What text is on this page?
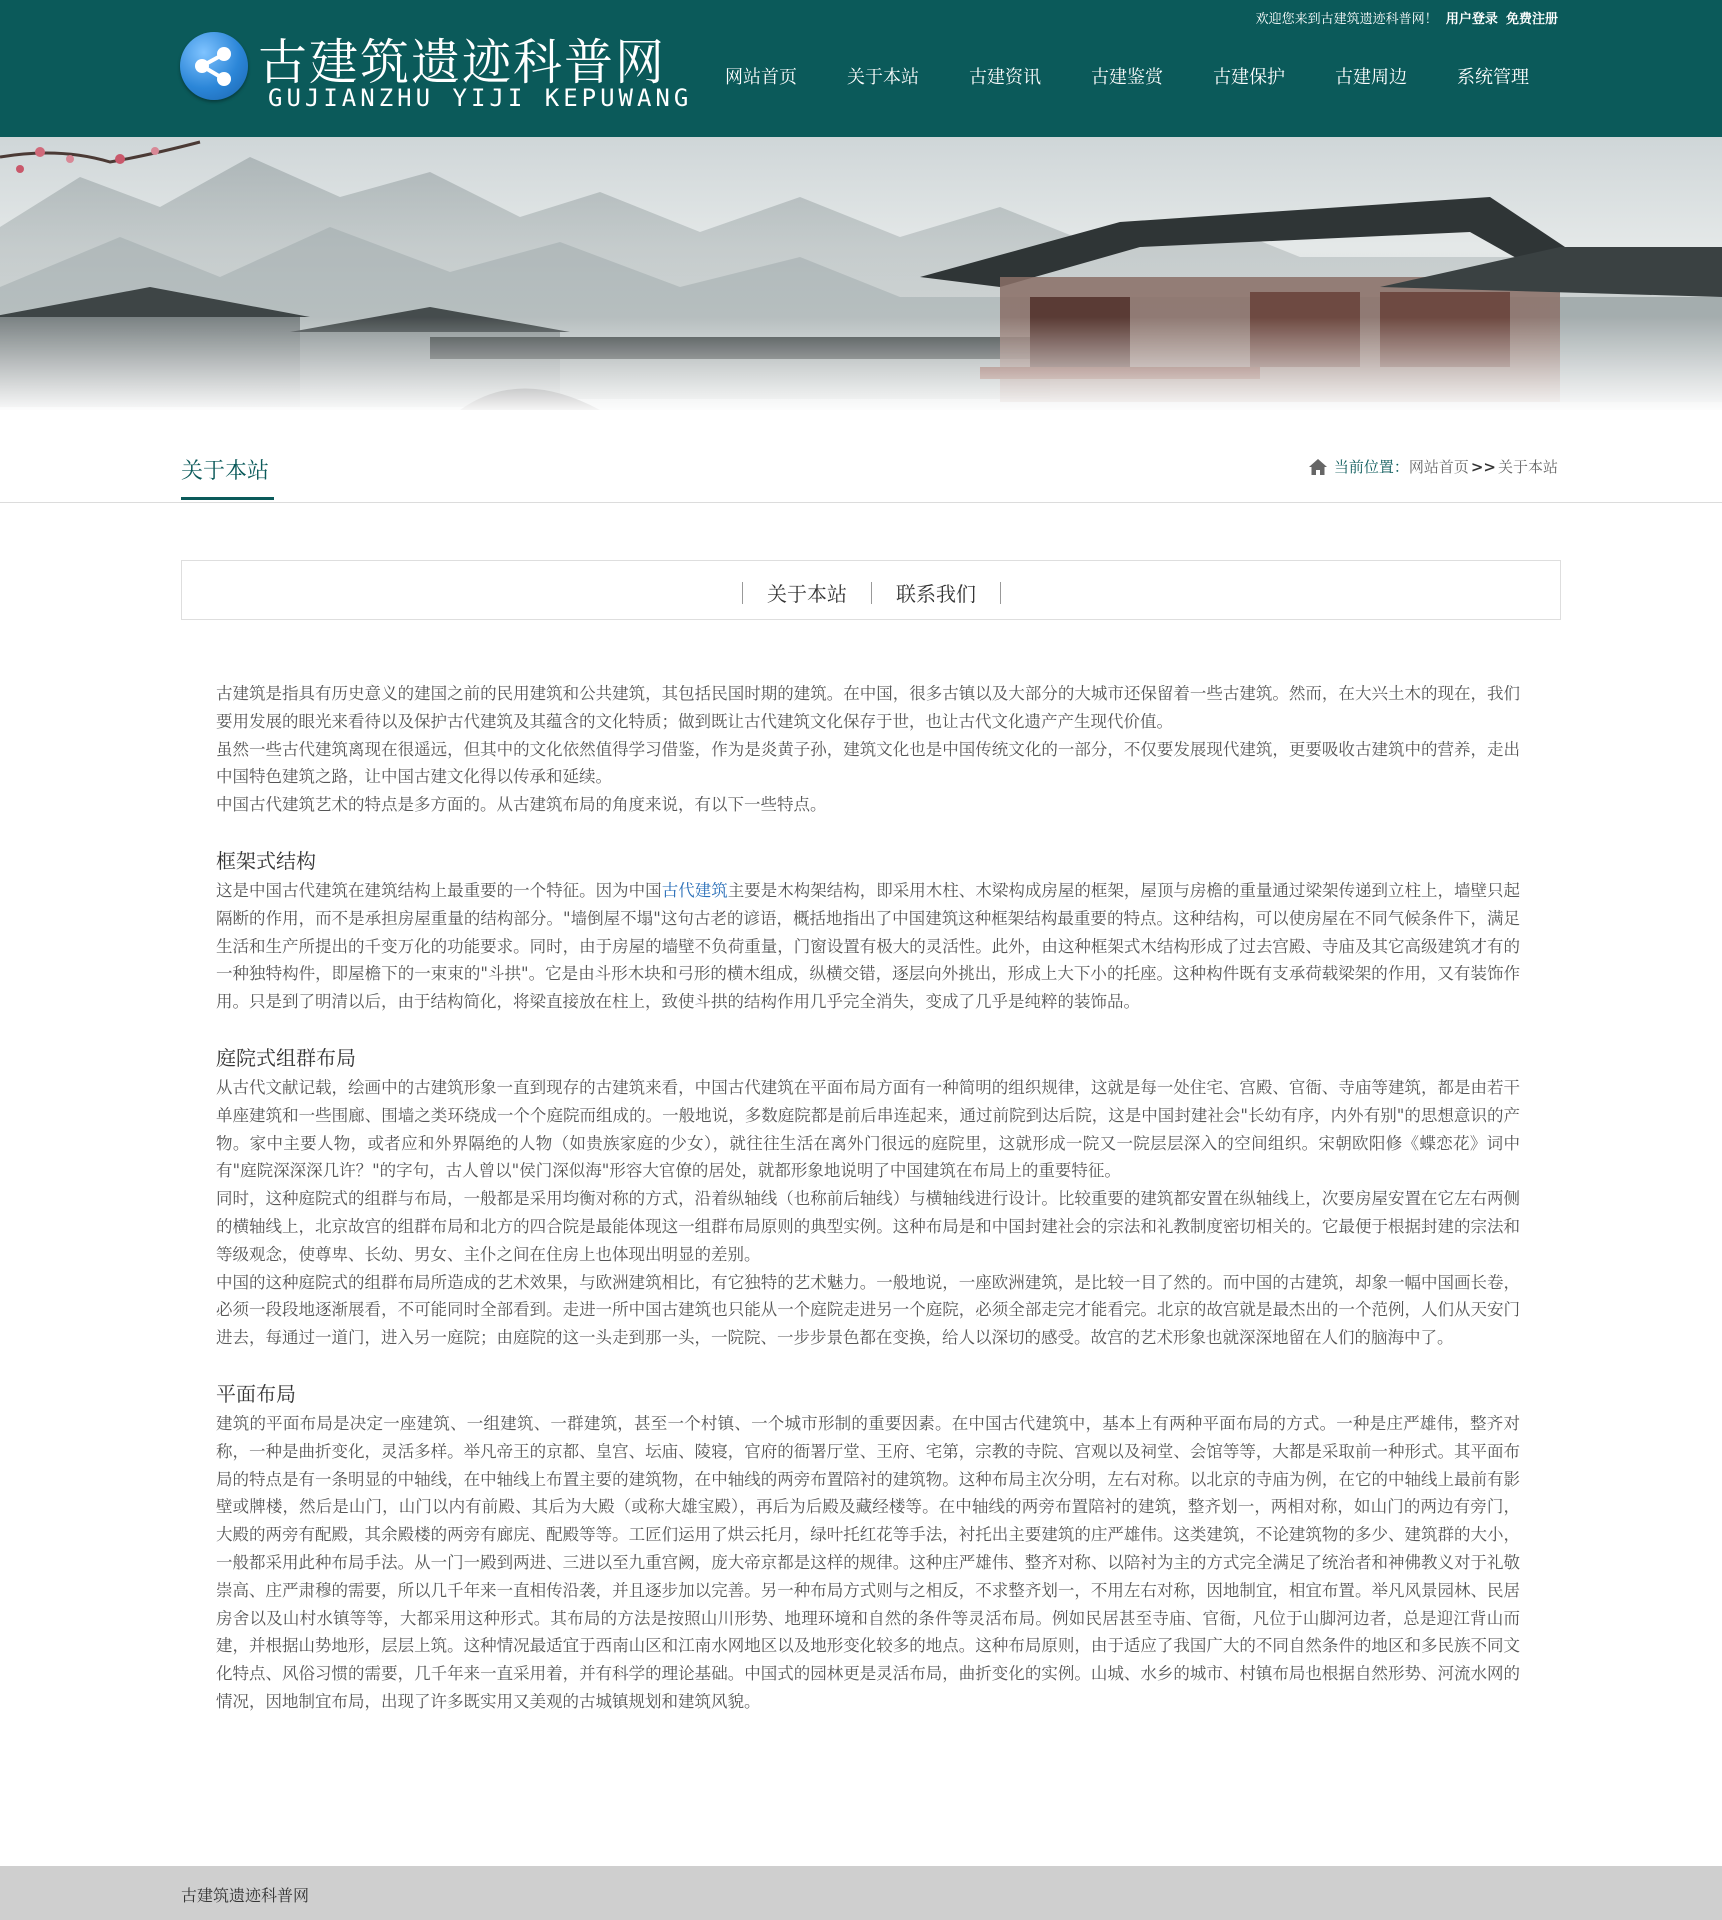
古建筑遗迹科普网
GUJIANZHU YIJI KEPUWANG
欢迎您来到古建筑遗迹科普网！ 用户登录 免费注册
网站首页	关于本站	古建资讯	古建鉴赏	古建保护	古建周边	系统管理
关于本站	当前位置： 网站首页 >> 关于本站
关于本站	联系我们

古建筑是指具有历史意义的建国之前的民用建筑和公共建筑，其包括民国时期的建筑。在中国，很多古镇以及大部分的大城市还保留着一些古建筑。然而，在大兴土木的现在，我们要用发展的眼光来看待以及保护古代建筑及其蕴含的文化特质；做到既让古代建筑文化保存于世，也让古代文化遗产产生现代价值。

虽然一些古代建筑离现在很遥远，但其中的文化依然值得学习借鉴，作为是炎黄子孙，建筑文化也是中国传统文化的一部分，不仅要发展现代建筑，更要吸收古建筑中的营养，走出中国特色建筑之路，让中国古建文化得以传承和延续。

中国古代建筑艺术的特点是多方面的。从古建筑布局的角度来说，有以下一些特点。

框架式结构

这是中国古代建筑在建筑结构上最重要的一个特征。因为中国古代建筑主要是木构架结构，即采用木柱、木梁构成房屋的框架，屋顶与房檐的重量通过梁架传递到立柱上，墙壁只起隔断的作用，而不是承担房屋重量的结构部分。"墙倒屋不塌"这句古老的谚语，概括地指出了中国建筑这种框架结构最重要的特点。这种结构，可以使房屋在不同气候条件下，满足生活和生产所提出的千变万化的功能要求。同时，由于房屋的墙壁不负荷重量，门窗设置有极大的灵活性。此外，由这种框架式木结构形成了过去宫殿、寺庙及其它高级建筑才有的一种独特构件，即屋檐下的一束束的"斗拱"。它是由斗形木块和弓形的横木组成，纵横交错，逐层向外挑出，形成上大下小的托座。这种构件既有支承荷载梁架的作用，又有装饰作用。只是到了明清以后，由于结构简化，将梁直接放在柱上，致使斗拱的结构作用几乎完全消失，变成了几乎是纯粹的装饰品。

庭院式组群布局

从古代文献记载，绘画中的古建筑形象一直到现存的古建筑来看，中国古代建筑在平面布局方面有一种简明的组织规律，这就是每一处住宅、宫殿、官衙、寺庙等建筑，都是由若干单座建筑和一些围廊、围墙之类环绕成一个个庭院而组成的。一般地说，多数庭院都是前后串连起来，通过前院到达后院，这是中国封建社会"长幼有序，内外有别"的思想意识的产物。家中主要人物，或者应和外界隔绝的人物（如贵族家庭的少女），就往往生活在离外门很远的庭院里，这就形成一院又一院层层深入的空间组织。宋朝欧阳修《蝶恋花》词中有"庭院深深深几许？"的字句，古人曾以"侯门深似海"形容大官僚的居处，就都形象地说明了中国建筑在布局上的重要特征。

同时，这种庭院式的组群与布局，一般都是采用均衡对称的方式，沿着纵轴线（也称前后轴线）与横轴线进行设计。比较重要的建筑都安置在纵轴线上，次要房屋安置在它左右两侧的横轴线上，北京故宫的组群布局和北方的四合院是最能体现这一组群布局原则的典型实例。这种布局是和中国封建社会的宗法和礼教制度密切相关的。它最便于根据封建的宗法和等级观念，使尊卑、长幼、男女、主仆之间在住房上也体现出明显的差别。

中国的这种庭院式的组群布局所造成的艺术效果，与欧洲建筑相比，有它独特的艺术魅力。一般地说，一座欧洲建筑，是比较一目了然的。而中国的古建筑，却象一幅中国画长卷，必须一段段地逐渐展看，不可能同时全部看到。走进一所中国古建筑也只能从一个庭院走进另一个庭院，必须全部走完才能看完。北京的故宫就是最杰出的一个范例，人们从天安门进去，每通过一道门，进入另一庭院；由庭院的这一头走到那一头，一院院、一步步景色都在变换，给人以深切的感受。故宫的艺术形象也就深深地留在人们的脑海中了。

平面布局

建筑的平面布局是决定一座建筑、一组建筑、一群建筑，甚至一个村镇、一个城市形制的重要因素。在中国古代建筑中，基本上有两种平面布局的方式。一种是庄严雄伟，整齐对称，一种是曲折变化，灵活多样。举凡帝王的京都、皇宫、坛庙、陵寝，官府的衙署厅堂、王府、宅第，宗教的寺院、宫观以及祠堂、会馆等等，大都是采取前一种形式。其平面布局的特点是有一条明显的中轴线，在中轴线上布置主要的建筑物，在中轴线的两旁布置陪衬的建筑物。这种布局主次分明，左右对称。以北京的寺庙为例，在它的中轴线上最前有影壁或牌楼，然后是山门，山门以内有前殿、其后为大殿（或称大雄宝殿），再后为后殿及藏经楼等。在中轴线的两旁布置陪衬的建筑，整齐划一，两相对称，如山门的两边有旁门，大殿的两旁有配殿，其余殿楼的两旁有廊庑、配殿等等。工匠们运用了烘云托月，绿叶托红花等手法，衬托出主要建筑的庄严雄伟。这类建筑，不论建筑物的多少、建筑群的大小，一般都采用此种布局手法。从一门一殿到两进、三进以至九重宫阙，庞大帝京都是这样的规律。这种庄严雄伟、整齐对称、以陪衬为主的方式完全满足了统治者和神佛教义对于礼敬崇高、庄严肃穆的需要，所以几千年来一直相传沿袭，并且逐步加以完善。另一种布局方式则与之相反，不求整齐划一，不用左右对称，因地制宜，相宜布置。举凡风景园林、民居房舍以及山村水镇等等，大都采用这种形式。其布局的方法是按照山川形势、地理环境和自然的条件等灵活布局。例如民居甚至寺庙、官衙，凡位于山脚河边者，总是迎江背山而建，并根据山势地形，层层上筑。这种情况最适宜于西南山区和江南水网地区以及地形变化较多的地点。这种布局原则，由于适应了我国广大的不同自然条件的地区和多民族不同文化特点、风俗习惯的需要，几千年来一直采用着，并有科学的理论基础。中国式的园林更是灵活布局，曲折变化的实例。山城、水乡的城市、村镇布局也根据自然形势、河流水网的情况，因地制宜布局，出现了许多既实用又美观的古城镇规划和建筑风貌。

古建筑遗迹科普网
